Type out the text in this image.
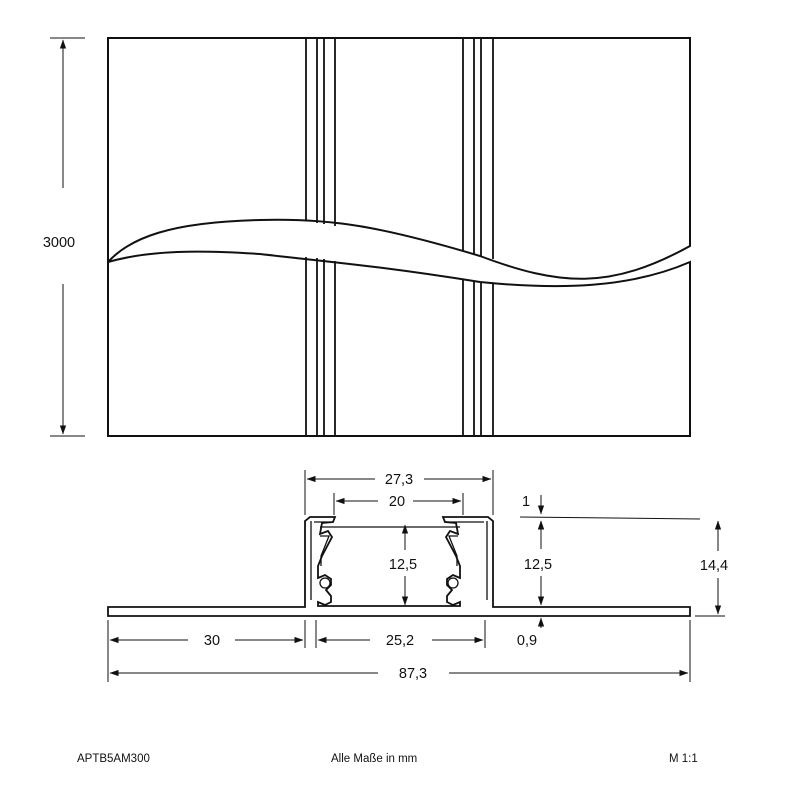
3000
27,3
20	1
12,5	12,5	14,4
30	25,2	0,9
87,3
APTB5AM300	Alle Maße in mm	M 1:1
